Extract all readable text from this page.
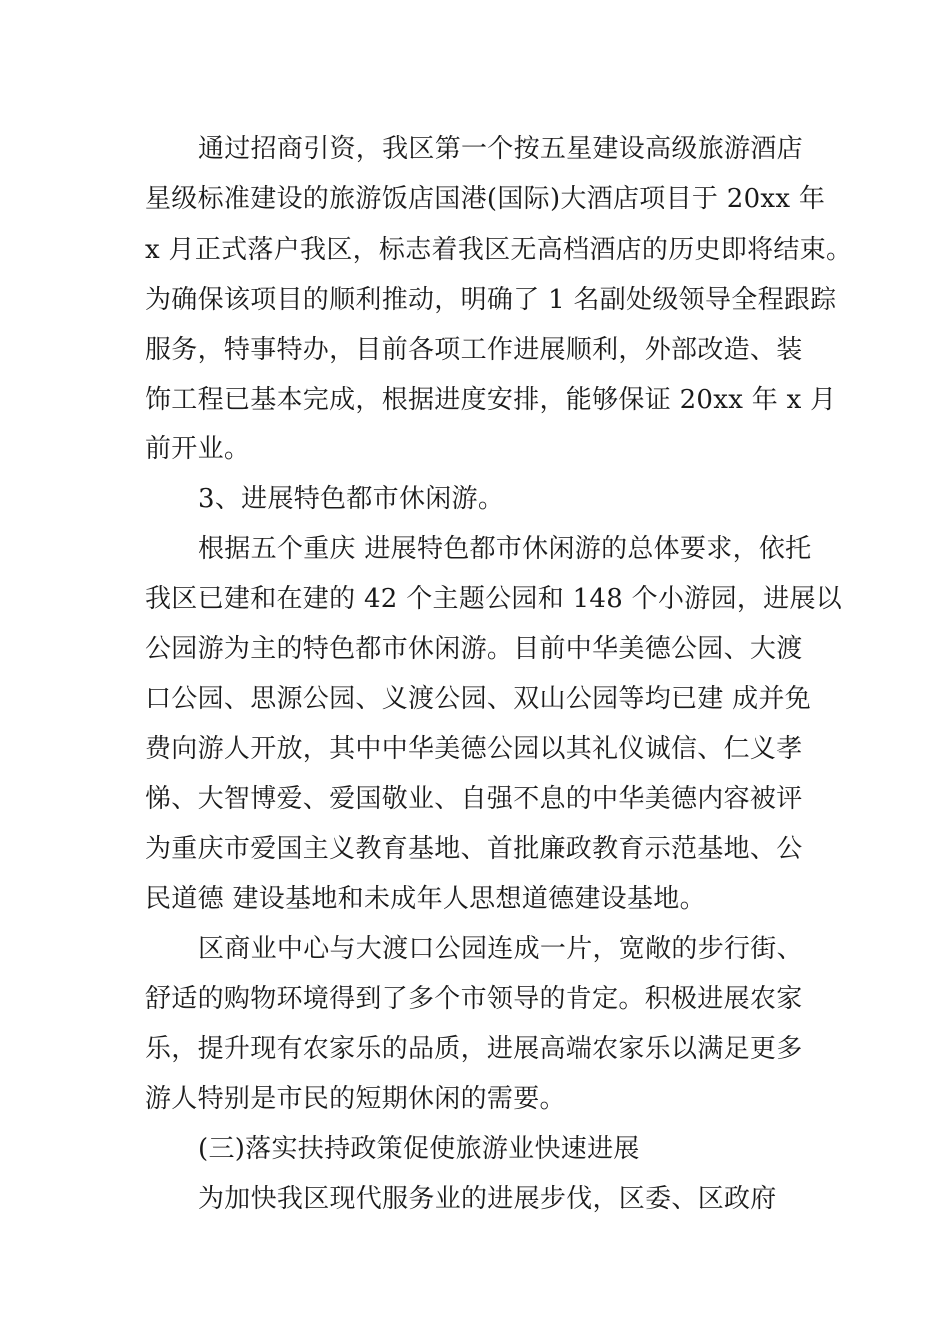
通过招商引资，我区第一个按五星建设高级旅游酒店
星级标准建设的旅游饭店国港(国际)大酒店项目于 20xx 年
x 月正式落户我区，标志着我区无高档酒店的历史即将结束。
为确保该项目的顺利推动，明确了 1 名副处级领导全程跟踪
服务，特事特办，目前各项工作进展顺利，外部改造、装
饰工程已基本完成，根据进度安排，能够保证 20xx 年 x 月
前开业。
3、进展特色都市休闲游。
根据五个重庆 进展特色都市休闲游的总体要求，依托
我区已建和在建的 42 个主题公园和 148 个小游园，进展以
公园游为主的特色都市休闲游。目前中华美德公园、大渡
口公园、思源公园、义渡公园、双山公园等均已建 成并免
费向游人开放，其中中华美德公园以其礼仪诚信、仁义孝
悌、大智博爱、爱国敬业、自强不息的中华美德内容被评
为重庆市爱国主义教育基地、首批廉政教育示范基地、公
民道德 建设基地和未成年人思想道德建设基地。
区商业中心与大渡口公园连成一片，宽敞的步行街、
舒适的购物环境得到了多个市领导的肯定。积极进展农家
乐，提升现有农家乐的品质，进展高端农家乐以满足更多
游人特别是市民的短期休闲的需要。
(三)落实扶持政策促使旅游业快速进展
为加快我区现代服务业的进展步伐，区委、区政府
